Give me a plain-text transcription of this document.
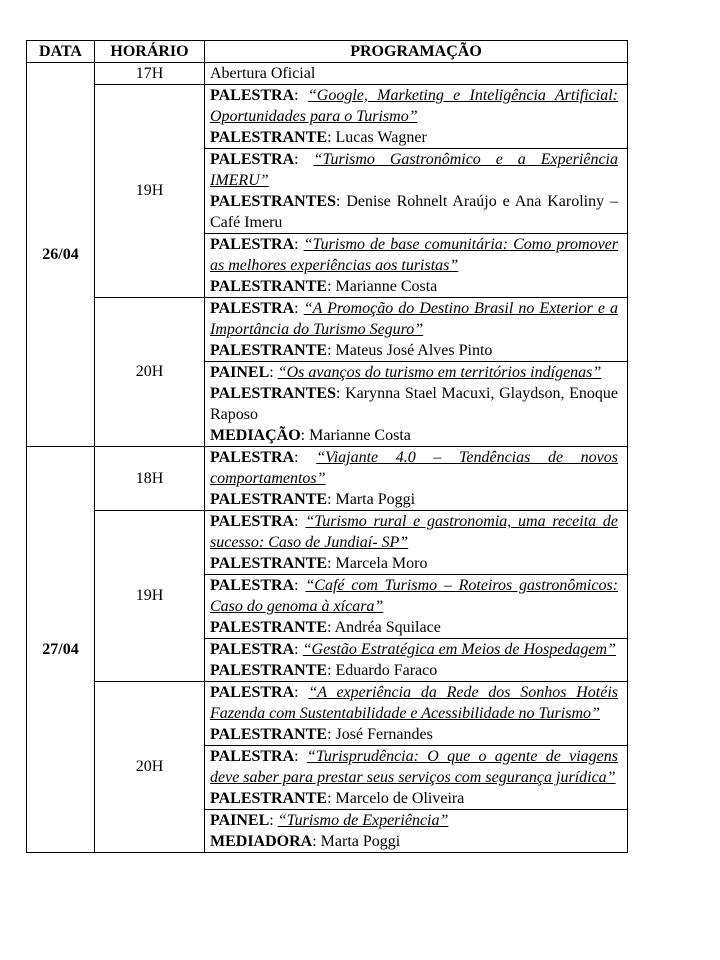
DATA	HORÁRIO	PROGRAMAÇÃO
26/04	17H	Abertura Oficial
	19H	PALESTRA: “Google, Marketing e Inteligência Artificial: Oportunidades para o Turismo”
PALESTRANTE: Lucas Wagner

		PALESTRA: “Turismo Gastronômico e a Experiência IMERU”
PALESTRANTES: Denise Rohnelt Araújo e Ana Karoliny – Café Imeru

		PALESTRA: “Turismo de base comunitária: Como promover as melhores experiências aos turistas”
PALESTRANTE: Marianne Costa

	20H	PALESTRA: “A Promoção do Destino Brasil no Exterior e a Importância do Turismo Seguro”
PALESTRANTE: Mateus José Alves Pinto

		PAINEL: “Os avanços do turismo em territórios indígenas”
PALESTRANTES: Karynna Stael Macuxi, Glaydson, Enoque Raposo
MEDIAÇÃO: Marianne Costa

27/04	18H	PALESTRA: “Viajante 4.0 – Tendências de novos comportamentos”
PALESTRANTE: Marta Poggi

	19H	PALESTRA: “Turismo rural e gastronomia, uma receita de sucesso: Caso de Jundiaí- SP”
PALESTRANTE: Marcela Moro

		PALESTRA: “Café com Turismo – Roteiros gastronômicos: Caso do genoma à xícara”
PALESTRANTE: Andréa Squilace

		PALESTRA: “Gestão Estratégica em Meios de Hospedagem”
PALESTRANTE: Eduardo Faraco

	20H	PALESTRA: “A experiência da Rede dos Sonhos Hotéis Fazenda com Sustentabilidade e Acessibilidade no Turismo”
PALESTRANTE: José Fernandes

		PALESTRA: “Turisprudência: O que o agente de viagens deve saber para prestar seus serviços com segurança jurídica”
PALESTRANTE: Marcelo de Oliveira

		PAINEL: “Turismo de Experiência”
MEDIADORA: Marta Poggi
